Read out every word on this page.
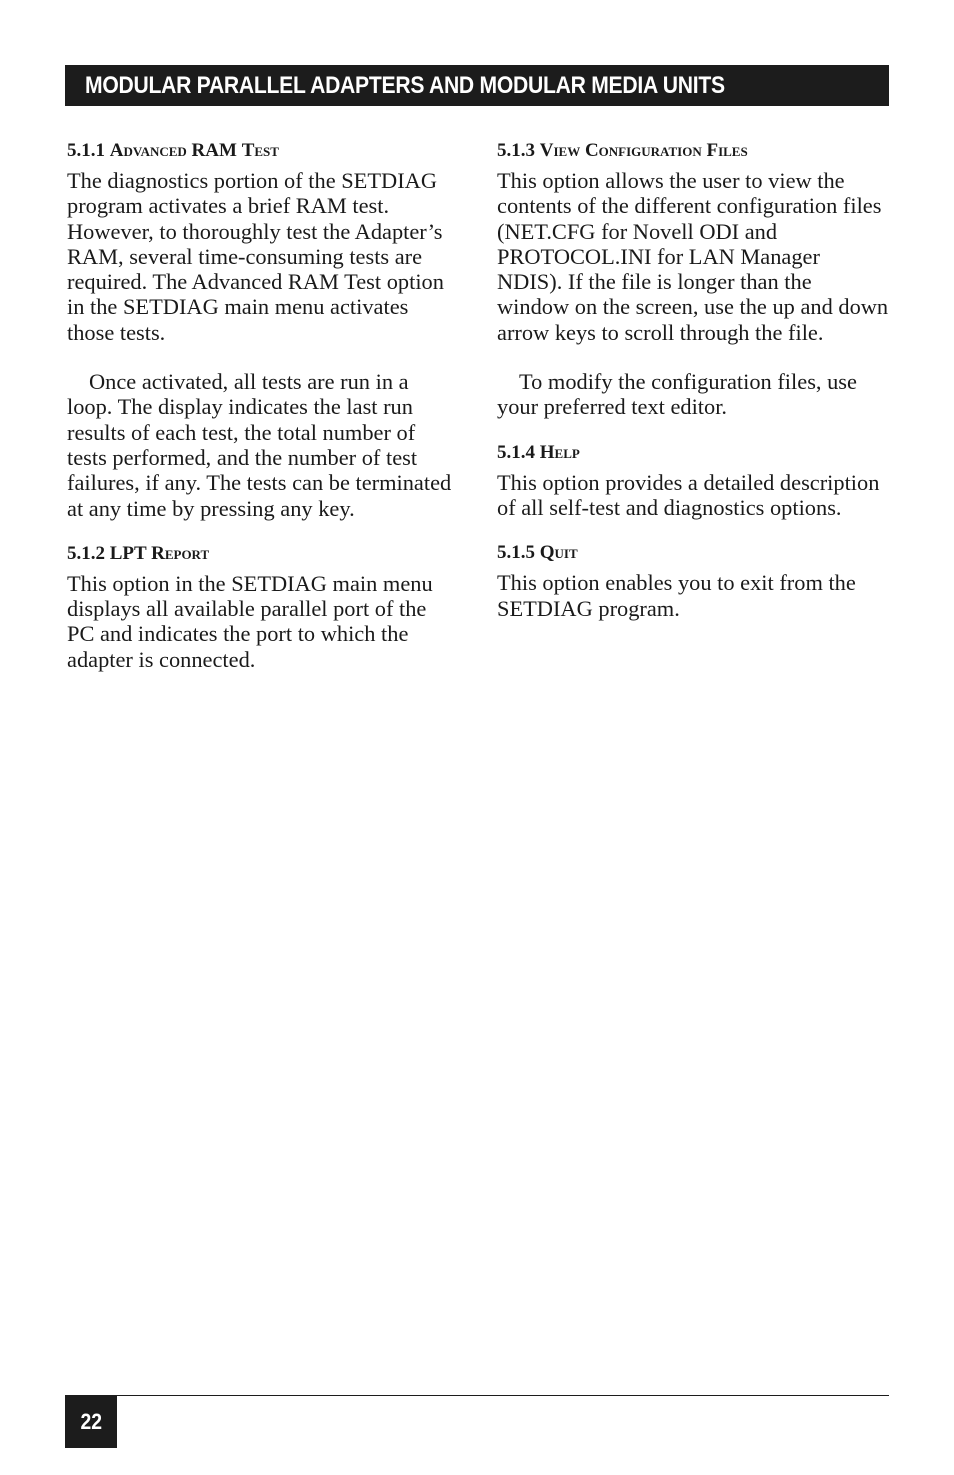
MODULAR PARALLEL ADAPTERS AND MODULAR MEDIA UNITS
5.1.1 Advanced RAM Test

The diagnostics portion of the SETDIAG program activates a brief RAM test. However, to thoroughly test the Adapter’s RAM, several time-consuming tests are required. The Advanced RAM Test option in the SETDIAG main menu activates those tests.

Once activated, all tests are run in a loop. The display indicates the last run results of each test, the total number of tests performed, and the number of test failures, if any. The tests can be terminated at any time by pressing any key.

5.1.2 LPT Report

This option in the SETDIAG main menu displays all available parallel port of the PC and indicates the port to which the adapter is connected.

5.1.3 View Configuration Files

This option allows the user to view the contents of the different configuration files (NET.CFG for Novell ODI and PROTOCOL.INI for LAN Manager NDIS). If the file is longer than the window on the screen, use the up and down arrow keys to scroll through the file.

To modify the configuration files, use your preferred text editor.

5.1.4 Help

This option provides a detailed description of all self-test and diagnostics options.

5.1.5 Quit

This option enables you to exit from the SETDIAG program.

22
